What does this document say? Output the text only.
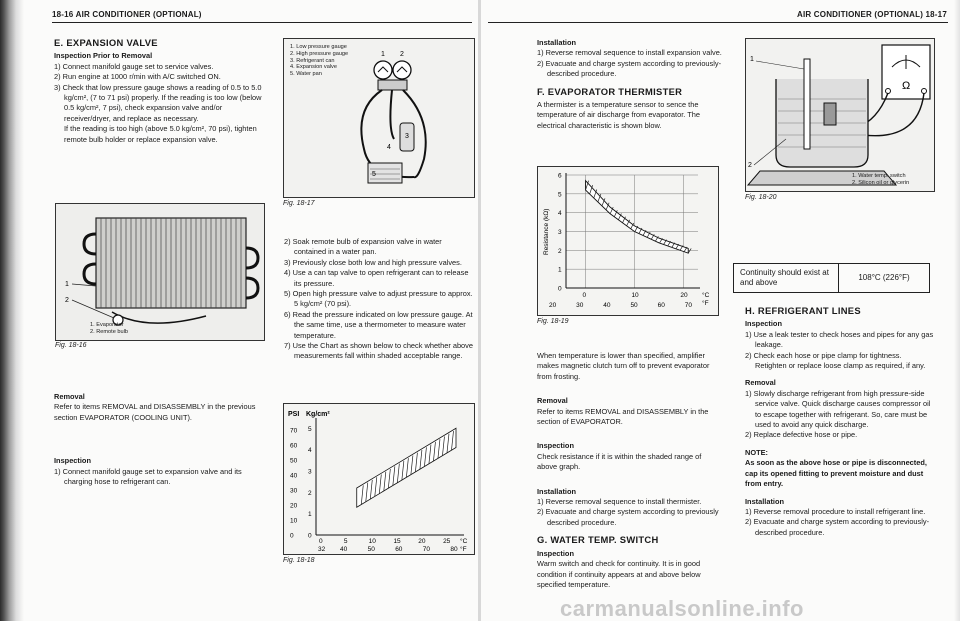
18-16 AIR CONDITIONER (OPTIONAL)	AIR CONDITIONER (OPTIONAL) 18-17

E. EXPANSION VALVE

Inspection Prior to Removal

1) Connect manifold gauge set to service valves.

2) Run engine at 1000 r/min with A/C switched ON.

3) Check that low pressure gauge shows a reading of 0.5 to 5.0 kg/cm², (7 to 71 psi) properly. If the reading is too low (below 0.5 kg/cm², 7 psi), check expansion valve and/or receiver/dryer, and replace as necessary.

If the reading is too high (above 5.0 kg/cm², 70 psi), tighten remote bulb holder or replace expansion valve.

1
2
1. Evaporator
2. Remote bulb
Fig. 18-16

Removal

Refer to items REMOVAL and DISASSEMBLY in the previous section EVAPORATOR (COOLING UNIT).

Inspection

1) Connect manifold gauge set to expansion valve and its charging hose to refrigerant can.

1 2
4
3
5
1. Low pressure gauge
2. High pressure gauge
3. Refrigerant can
4. Expansion valve
5. Water pan
Fig. 18-17

2) Soak remote bulb of expansion valve in water contained in a water pan.

3) Previously close both low and high pressure valves.

4) Use a can tap valve to open refrigerant can to release its pressure.

5) Open high pressure valve to adjust pressure to approx. 5 kg/cm² (70 psi).

6) Read the pressure indicated on low pressure gauge. At the same time, use a thermometer to measure water temperature.

7) Use the Chart as shown below to check whether above measurements fall within shaded acceptable range.

PSI Kg/cm²
70
60
50
40
30
20
10
0
5
4
3
2
1
0
0	5	10	15	20	25 °C
32 40	50	60	70	80 °F
Fig. 18-18

Installation

1) Reverse removal sequence to install expansion valve.

2) Evacuate and charge system according to previously-described procedure.

F. EVAPORATOR THERMISTER

A thermister is a temperature sensor to sence the temperature of air discharge from evaporator. The electrical characteristic is shown blow.

Resistance (kΩ)
6
5
4
3
2
1
0
0	10	20 °C
20	30	40	50	60	70 °F
Fig. 18-19

When temperature is lower than specified, amplifier makes magnetic clutch turn off to prevent evaporator from frosting.

Removal

Refer to items REMOVAL and DISASSEMBLY in the section of EVAPORATOR.

Inspection

Check resistance if it is within the shaded range of above graph.

Installation

1) Reverse removal sequence to install thermister.

2) Evacuate and charge system according to previously described procedure.

G. WATER TEMP. SWITCH

Inspection

Warm switch and check for continuity. It is in good condition if continuity appears at and above below specified temperature.

Ω
1
2
1. Water temp. switch
2. Silicon oil or glycerin
Fig. 18-20
Continuity should exist at and above	108°C (226°F)

H. REFRIGERANT LINES

Inspection

1) Use a leak tester to check hoses and pipes for any gas leakage.

2) Check each hose or pipe clamp for tightness. Retighten or replace loose clamp as required, if any.

Removal

1) Slowly discharge refrigerant from high pressure-side service valve. Quick discharge causes compressor oil to escape together with refrigerant. So, care must be used to avoid any quick discharge.

2) Replace defective hose or pipe.

NOTE:

As soon as the above hose or pipe is disconnected, cap its opened fitting to prevent moisture and dust from entry.

Installation

1) Reverse removal procedure to install refrigerant line.

2) Evacuate and charge system according to previously-described procedure.

carmanualsonline.info
